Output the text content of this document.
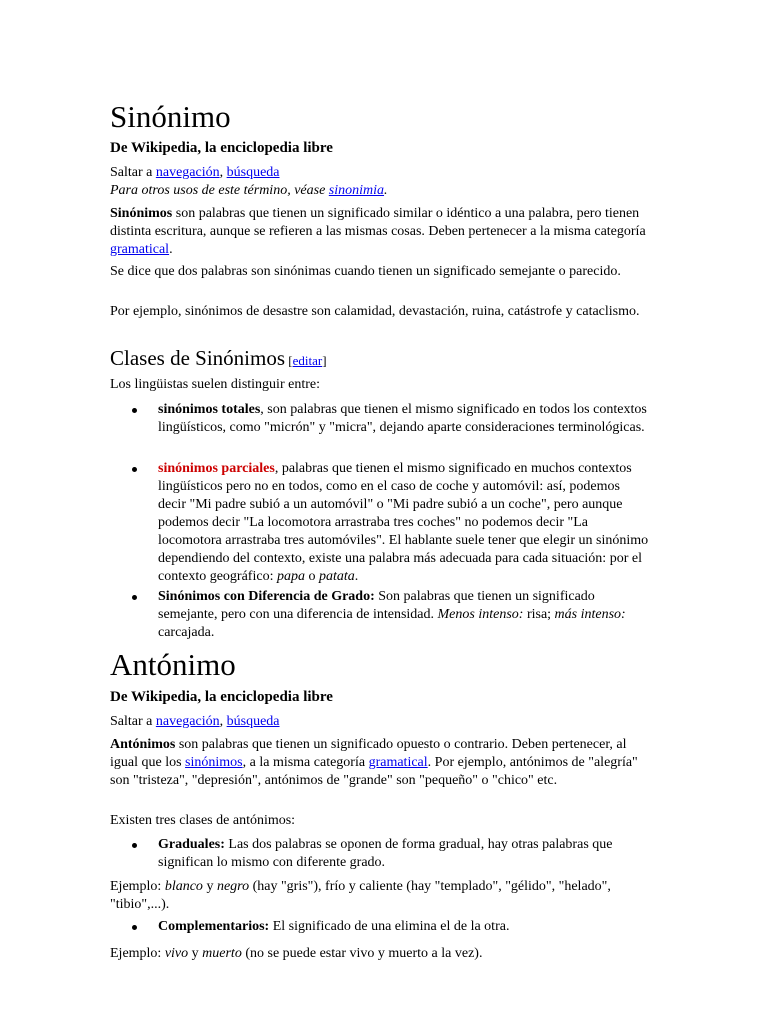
Sinónimo

De Wikipedia, la enciclopedia libre

Saltar a navegación, búsqueda

Para otros usos de este término, véase sinonimia.

Sinónimos son palabras que tienen un significado similar o idéntico a una palabra, pero tienen distinta escritura, aunque se refieren a las mismas cosas. Deben pertenecer a la misma categoría gramatical.

Se dice que dos palabras son sinónimas cuando tienen un significado semejante o parecido.

Por ejemplo, sinónimos de desastre son calamidad, devastación, ruina, catástrofe y cataclismo.

Clases de Sinónimos [editar]

Los lingüistas suelen distinguir entre:

sinónimos totales, son palabras que tienen el mismo significado en todos los contextos lingüísticos, como "micrón" y "micra", dejando aparte consideraciones terminológicas.
sinónimos parciales, palabras que tienen el mismo significado en muchos contextos lingüísticos pero no en todos, como en el caso de coche y automóvil: así, podemos decir "Mi padre subió a un automóvil" o "Mi padre subió a un coche", pero aunque podemos decir "La locomotora arrastraba tres coches" no podemos decir "La locomotora arrastraba tres automóviles". El hablante suele tener que elegir un sinónimo dependiendo del contexto, existe una palabra más adecuada para cada situación: por el contexto geográfico: papa o patata.
Sinónimos con Diferencia de Grado: Son palabras que tienen un significado semejante, pero con una diferencia de intensidad. Menos intenso: risa; más intenso: carcajada.
Antónimo

De Wikipedia, la enciclopedia libre

Saltar a navegación, búsqueda

Antónimos son palabras que tienen un significado opuesto o contrario. Deben pertenecer, al igual que los sinónimos, a la misma categoría gramatical. Por ejemplo, antónimos de "alegría" son "tristeza", "depresión", antónimos de "grande" son "pequeño" o "chico" etc.

Existen tres clases de antónimos:

Graduales: Las dos palabras se oponen de forma gradual, hay otras palabras que significan lo mismo con diferente grado.

Ejemplo: blanco y negro (hay "gris"), frío y caliente (hay "templado", "gélido", "helado", "tibio",...).

Complementarios: El significado de una elimina el de la otra.

Ejemplo: vivo y muerto (no se puede estar vivo y muerto a la vez).
